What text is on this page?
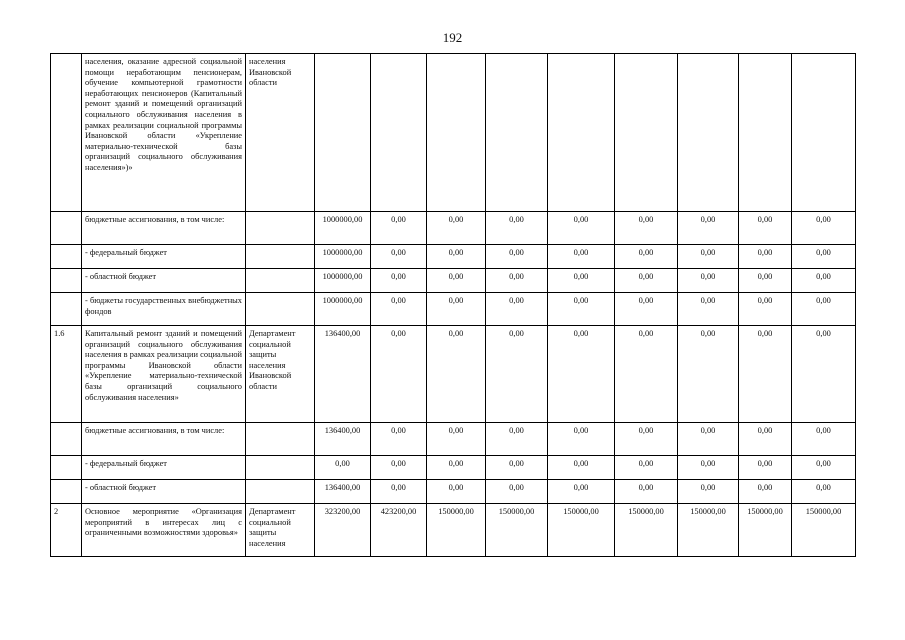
192
	населения, оказание адресной социальной помощи неработающим пенсионерам, обучение компьютерной грамотности неработающих пенсионеров (Капитальный ремонт зданий и помещений организаций социального обслуживания населения в рамках реализации социальной программы Ивановской области «Укрепление материально-технической базы организаций социального обслуживания населения»)»	населения Ивановской области									
	бюджетные ассигнования, в том числе:		1000000,00	0,00	0,00	0,00	0,00	0,00	0,00	0,00	0,00
	- федеральный бюджет		1000000,00	0,00	0,00	0,00	0,00	0,00	0,00	0,00	0,00
	- областной бюджет		1000000,00	0,00	0,00	0,00	0,00	0,00	0,00	0,00	0,00
	- бюджеты государственных внебюджетных фондов		1000000,00	0,00	0,00	0,00	0,00	0,00	0,00	0,00	0,00
1.6	Капитальный ремонт зданий и помещений организаций социального обслуживания населения в рамках реализации социальной программы Ивановской области «Укрепление материально-технической базы организаций социального обслуживания населения»	Департамент социальной защиты населения Ивановской области	136400,00	0,00	0,00	0,00	0,00	0,00	0,00	0,00	0,00
	бюджетные ассигнования, в том числе:		136400,00	0,00	0,00	0,00	0,00	0,00	0,00	0,00	0,00
	- федеральный бюджет		0,00	0,00	0,00	0,00	0,00	0,00	0,00	0,00	0,00
	- областной бюджет		136400,00	0,00	0,00	0,00	0,00	0,00	0,00	0,00	0,00
2	Основное мероприятие «Организация мероприятий в интересах лиц с ограниченными возможностями здоровья»	Департамент социальной защиты населения	323200,00	423200,00	150000,00	150000,00	150000,00	150000,00	150000,00	150000,00	150000,00
